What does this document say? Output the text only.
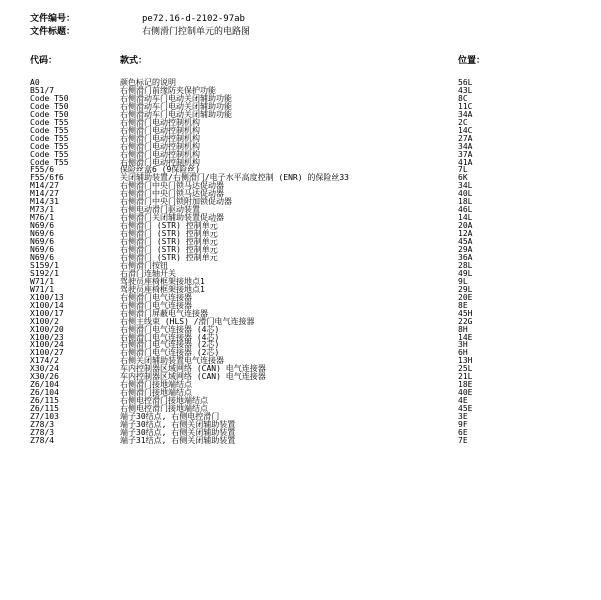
文件编号：	pe72.16-d-2102-97ab
文件标题：	右侧滑门控制单元的电路图
代码：	款式：	位置：
A0	颜色标记的说明	56L
B51/7	右侧滑门前缘防夹保护功能	43L
Code T50	右侧滑动车门电动关闭辅助功能	8C
Code T50	右侧滑动车门电动关闭辅助功能	11C
Code T50	右侧滑动车门电动关闭辅助功能	34A
Code T55	右侧滑门电动控制机构	2C
Code T55	右侧滑门电动控制机构	14C
Code T55	右侧滑门电动控制机构	27A
Code T55	右侧滑门电动控制机构	34A
Code T55	右侧滑门电动控制机构	37A
Code T55	右侧滑门电动控制机构	41A
F55/6	保险丝盒6 (9保险丝)	7L
F55/6f6	关闭辅助装置/右侧滑门/电子水平高度控制 (ENR) 的保险丝33	6K
M14/27	右侧滑门中央门锁马达促动器	34L
M14/27	右侧滑门中央门锁马达促动器	40L
M14/31	右侧滑门中央门锁附加锁促动器	18L
M73/1	右侧电动滑门驱动装置	46L
M76/1	右侧滑门关闭辅助装置促动器	14L
N69/6	右侧滑门 (STR) 控制单元	20A
N69/6	右侧滑门 (STR) 控制单元	12A
N69/6	右侧滑门 (STR) 控制单元	45A
N69/6	右侧滑门 (STR) 控制单元	29A
N69/6	右侧滑门 (STR) 控制单元	36A
S159/1	右侧滑门按钮	28L
S192/1	右滑门连轴开关	49L
W71/1	驾驶员座椅框架接地点1	9L
W71/1	驾驶员座椅框架接地点1	29L
X100/13	右侧滑门电气连接器	20E
X100/14	右侧滑门电气连接器	8E
X100/17	右侧滑门屏蔽电气连接器	45H
X100/2	右侧主线束 (HLS) /滑门电气连接器	22G
X100/20	右侧滑门电气连接器 (4芯)	8H
X100/23	右侧滑门电气连接器 (4芯)	14E
X100/24	右侧滑门电气连接器 (2芯)	3H
X100/27	右侧滑门电气连接器 (2芯)	6H
X174/2	右侧关闭辅助装置电气连接器	13H
X30/24	车内控制器区域网络 (CAN) 电气连接器	25L
X30/26	车内控制器区域网络 (CAN) 电气连接器	21L
Z6/104	右侧滑门接地端结点	18E
Z6/104	右侧滑门接地端结点	40E
Z6/115	右侧电控滑门接地端结点	4E
Z6/115	右侧电控滑门接地端结点	45E
Z7/103	端子30结点, 右侧电控滑门	3E
Z78/3	端子30结点, 右侧关闭辅助装置	9F
Z78/3	端子30结点, 右侧关闭辅助装置	6E
Z78/4	端子31结点, 右侧关闭辅助装置	7E
